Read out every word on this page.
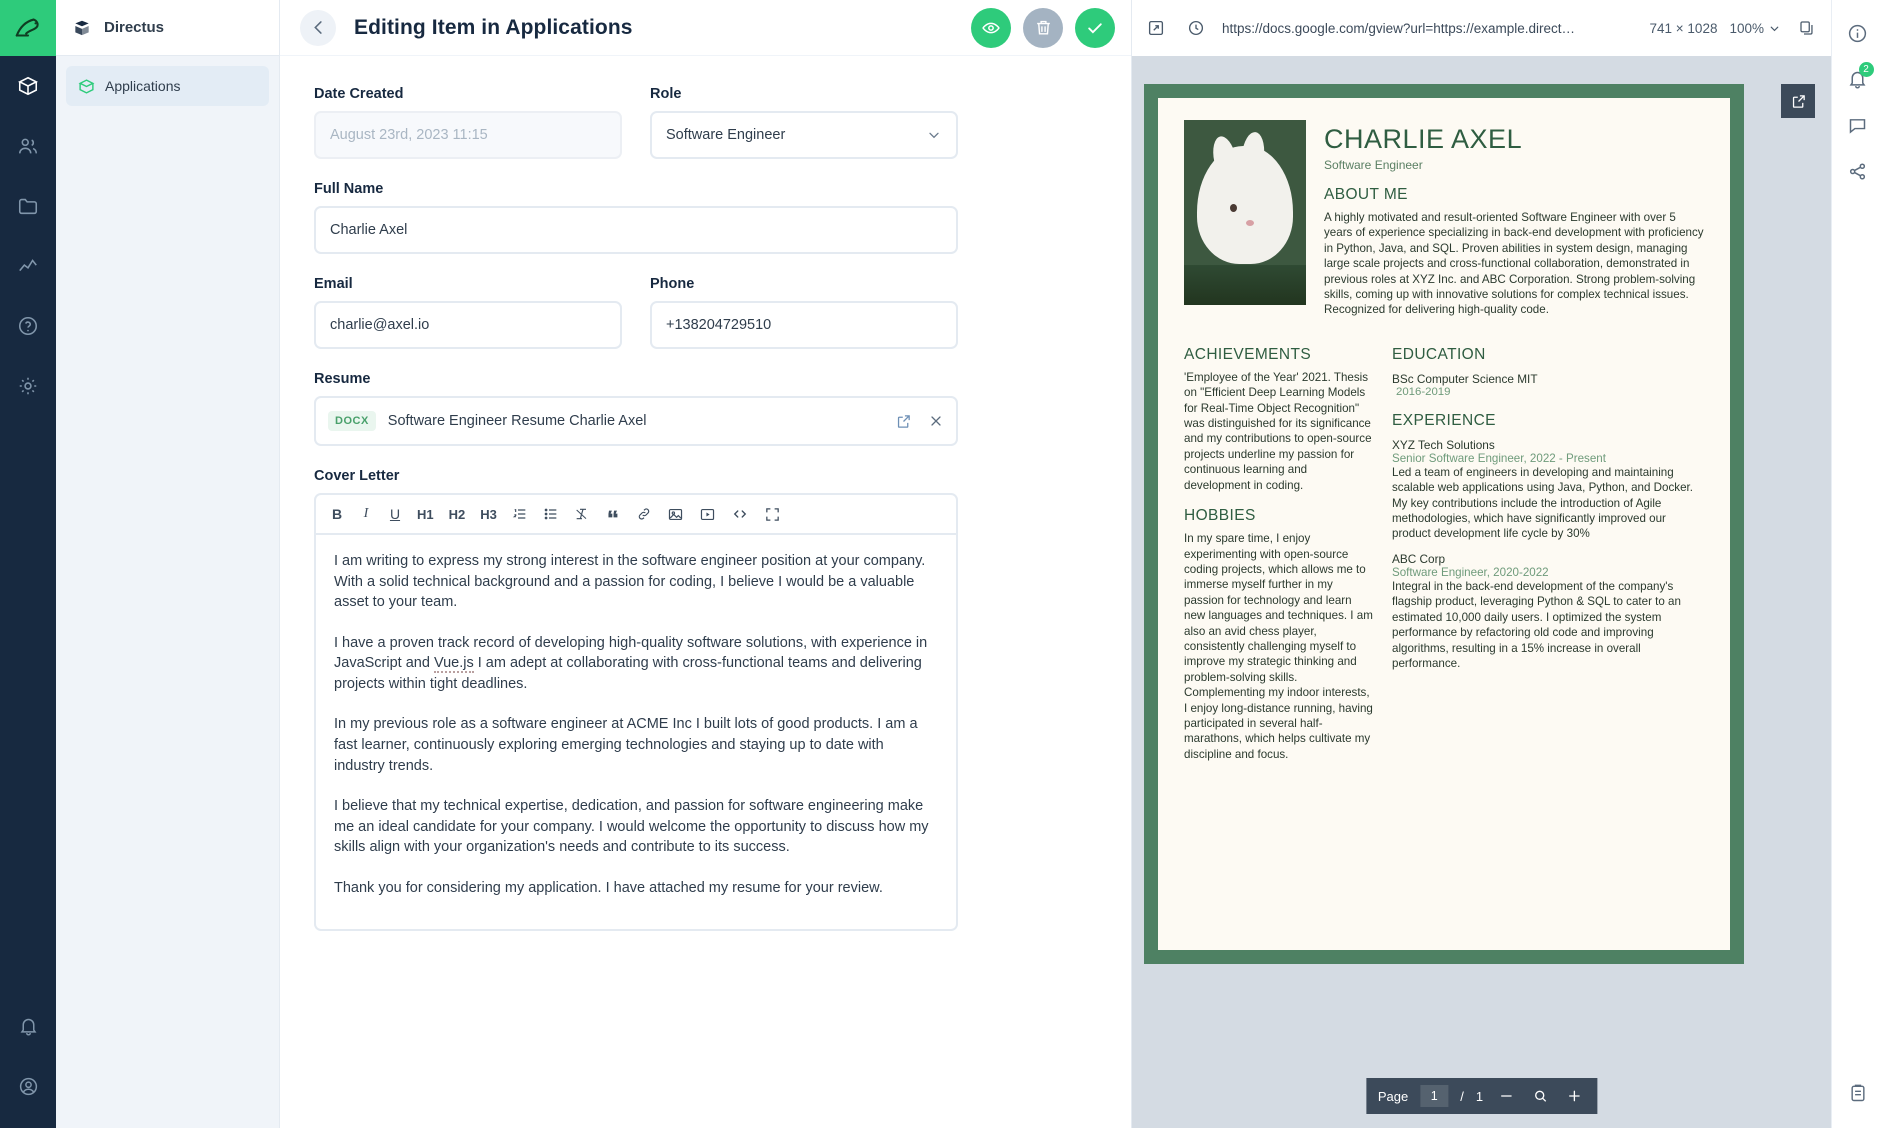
Directus
Applications
Editing Item in Applications
Date Created
August 23rd, 2023 11:15
Role
Software Engineer
Full Name
Charlie Axel
Email
charlie@axel.io
Phone
+138204729510
Resume
DOCX	Software Engineer Resume Charlie Axel
Cover Letter
B	I	U H1 H2 H3

I am writing to express my strong interest in the software engineer position at your company. With a solid technical background and a passion for coding, I believe I would be a valuable asset to your team.

I have a proven track record of developing high-quality software solutions, with experience in JavaScript and Vue.js I am adept at collaborating with cross-functional teams and delivering projects within tight deadlines.

In my previous role as a software engineer at ACME Inc I built lots of good products. I am a fast learner, continuously exploring emerging technologies and staying up to date with industry trends.

I believe that my technical expertise, dedication, and passion for software engineering make me an ideal candidate for your company. I would welcome the opportunity to discuss how my skills align with your organization's needs and contribute to its success.

Thank you for considering my application. I have attached my resume for your review.

https://docs.google.com/gview?url=https://example.direct…	741 × 1028 100%
CHARLIE AXEL
Software Engineer
ABOUT ME

A highly motivated and result-oriented Software Engineer with over 5 years of experience specializing in back-end development with proficiency in Python, Java, and SQL. Proven abilities in system design, managing large scale projects and cross-functional collaboration, demonstrated in previous roles at XYZ Inc. and ABC Corporation. Strong problem-solving skills, coming up with innovative solutions for complex technical issues. Recognized for delivering high-quality code.

ACHIEVEMENTS

'Employee of the Year' 2021. Thesis on "Efficient Deep Learning Models for Real-Time Object Recognition" was distinguished for its significance and my contributions to open-source projects underline my passion for continuous learning and development in coding.

HOBBIES

In my spare time, I enjoy experimenting with open-source coding projects, which allows me to immerse myself further in my passion for technology and learn new languages and techniques. I am also an avid chess player, consistently challenging myself to improve my strategic thinking and problem-solving skills. Complementing my indoor interests, I enjoy long-distance running, having participated in several half-marathons, which helps cultivate my discipline and focus.

EDUCATION
BSc Computer Science MIT
2016-2019
EXPERIENCE
XYZ Tech Solutions
Senior Software Engineer, 2022 - Present

Led a team of engineers in developing and maintaining scalable web applications using Java, Python, and Docker. My key contributions include the introduction of Agile methodologies, which have significantly improved our product development life cycle by 30%

ABC Corp
Software Engineer, 2020-2022

Integral in the back-end development of the company's flagship product, leveraging Python & SQL to cater to an estimated 10,000 daily users. I optimized the system performance by refactoring old code and improving algorithms, resulting in a 15% increase in overall performance.

Page	1	/ 1
2
